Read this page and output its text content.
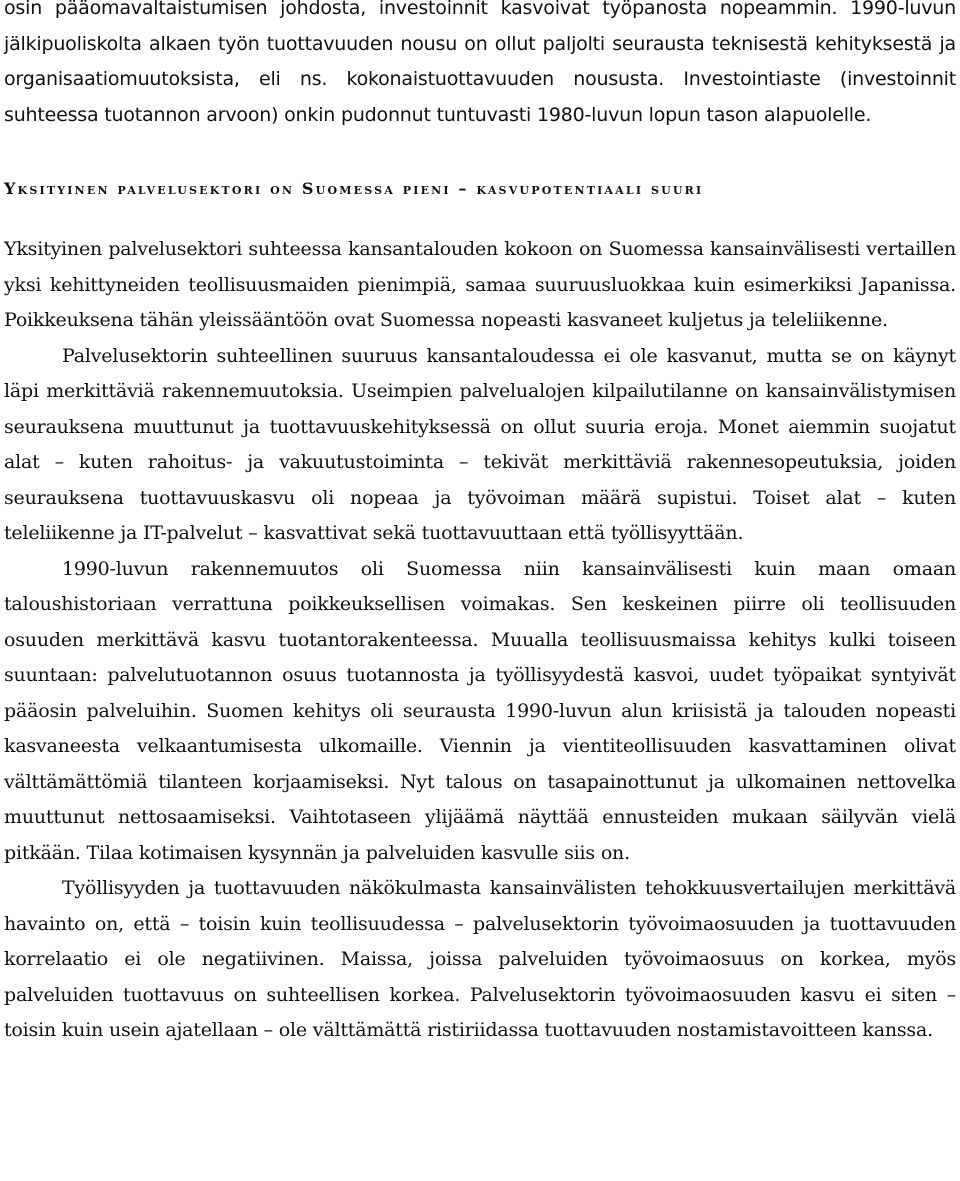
osin pääomavaltaistumisen johdosta, investoinnit kasvoivat työpanosta nopeammin. 1990-luvun jälkipuoliskolta alkaen työn tuottavuuden nousu on ollut paljolti seurausta teknisestä kehityksestä ja organisaatiomuutoksista, eli ns. kokonaistuottavuuden noususta. Investointiaste (investoinnit suhteessa tuotannon arvoon) onkin pudonnut tuntuvasti 1980-luvun lopun tason alapuolelle.

Yksityinen palvelusektori on Suomessa pieni – kasvupotentiaali suuri

Yksityinen palvelusektori suhteessa kansantalouden kokoon on Suomessa kansainvälisesti vertaillen yksi kehittyneiden teollisuusmaiden pienimpiä, samaa suuruusluokkaa kuin esimerkiksi Japanissa. Poikkeuksena tähän yleissääntöön ovat Suomessa nopeasti kasvaneet kuljetus ja teleliikenne.

Palvelusektorin suhteellinen suuruus kansantaloudessa ei ole kasvanut, mutta se on käynyt läpi merkittäviä rakennemuutoksia. Useimpien palvelualojen kilpailutilanne on kansainvälistymisen seurauksena muuttunut ja tuottavuuskehityksessä on ollut suuria eroja. Monet aiemmin suojatut alat – kuten rahoitus- ja vakuutustoiminta – tekivät merkittäviä rakennesopeutuksia, joiden seurauksena tuottavuuskasvu oli nopeaa ja työvoiman määrä supistui. Toiset alat – kuten teleliikenne ja IT-palvelut – kasvattivat sekä tuottavuuttaan että työllisyyttään.

1990-luvun rakennemuutos oli Suomessa niin kansainvälisesti kuin maan omaan taloushistoriaan verrattuna poikkeuksellisen voimakas. Sen keskeinen piirre oli teollisuuden osuuden merkittävä kasvu tuotantorakenteessa. Muualla teollisuusmaissa kehitys kulki toiseen suuntaan: palvelutuotannon osuus tuotannosta ja työllisyydestä kasvoi, uudet työpaikat syntyivät pääosin palveluihin. Suomen kehitys oli seurausta 1990-luvun alun kriisistä ja talouden nopeasti kasvaneesta velkaantumisesta ulkomaille. Viennin ja vientiteollisuuden kasvattaminen olivat välttämättömiä tilanteen korjaamiseksi. Nyt talous on tasapainottunut ja ulkomainen nettovelka muuttunut nettosaamiseksi. Vaihtotaseen ylijäämä näyttää ennusteiden mukaan säilyvän vielä pitkään. Tilaa kotimaisen kysynnän ja palveluiden kasvulle siis on.

Työllisyyden ja tuottavuuden näkökulmasta kansainvälisten tehokkuusvertailujen merkittävä havainto on, että – toisin kuin teollisuudessa – palvelusektorin työvoimaosuuden ja tuottavuuden korrelaatio ei ole negatiivinen. Maissa, joissa palveluiden työvoimaosuus on korkea, myös palveluiden tuottavuus on suhteellisen korkea. Palvelusektorin työvoimaosuuden kasvu ei siten – toisin kuin usein ajatellaan – ole välttämättä ristiriidassa tuottavuuden nostamistavoitteen kanssa.
